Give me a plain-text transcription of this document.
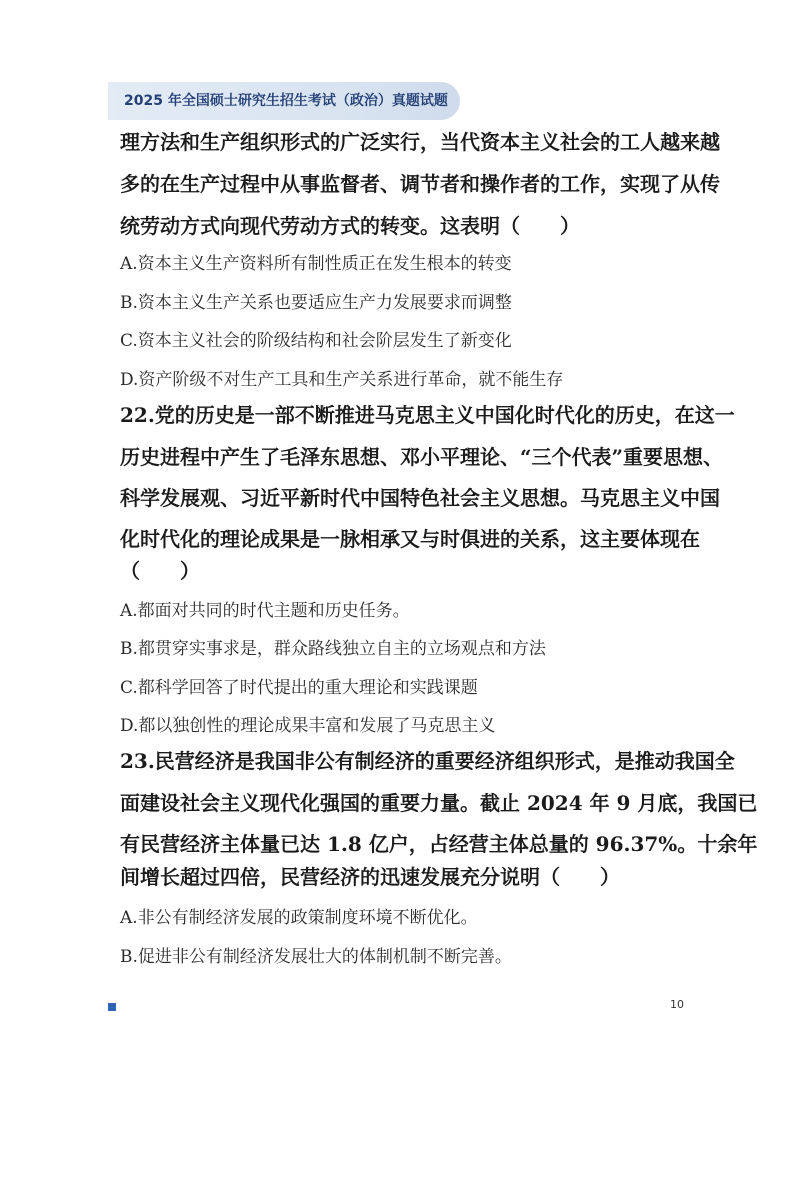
2025 年全国硕士研究生招生考试（政治）真题试题
理方法和生产组织形式的广泛实行，当代资本主义社会的工人越来越
多的在生产过程中从事监督者、调节者和操作者的工作，实现了从传
统劳动方式向现代劳动方式的转变。这表明（　　）
A.资本主义生产资料所有制性质正在发生根本的转变
B.资本主义生产关系也要适应生产力发展要求而调整
C.资本主义社会的阶级结构和社会阶层发生了新变化
D.资产阶级不对生产工具和生产关系进行革命，就不能生存
22.党的历史是一部不断推进马克思主义中国化时代化的历史，在这一
历史进程中产生了毛泽东思想、邓小平理论、“三个代表”重要思想、
科学发展观、习近平新时代中国特色社会主义思想。马克思主义中国
化时代化的理论成果是一脉相承又与时俱进的关系，这主要体现在
（　　）
A.都面对共同的时代主题和历史任务。
B.都贯穿实事求是，群众路线独立自主的立场观点和方法
C.都科学回答了时代提出的重大理论和实践课题
D.都以独创性的理论成果丰富和发展了马克思主义
23.民营经济是我国非公有制经济的重要经济组织形式，是推动我国全
面建设社会主义现代化强国的重要力量。截止 2024 年 9 月底，我国已
有民营经济主体量已达 1.8 亿户，占经营主体总量的 96.37%。十余年
间增长超过四倍，民营经济的迅速发展充分说明（　　）
A.非公有制经济发展的政策制度环境不断优化。
B.促进非公有制经济发展壮大的体制机制不断完善。
10
